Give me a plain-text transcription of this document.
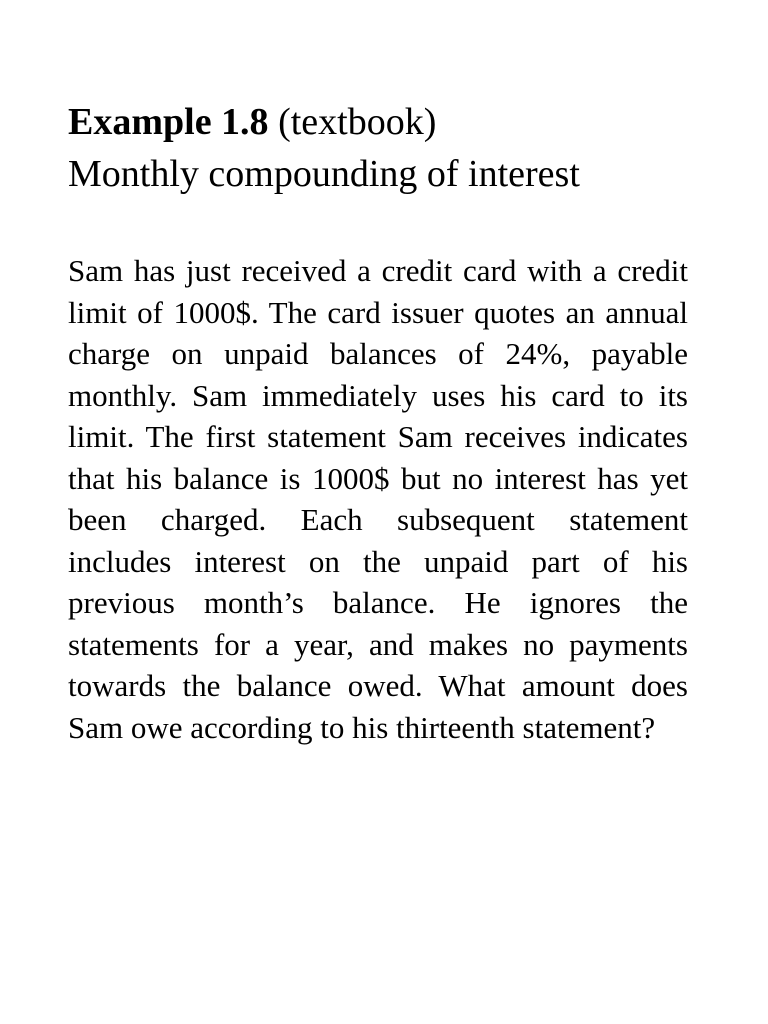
Example 1.8 (textbook)
Monthly compounding of interest

Sam has just received a credit card with a credit limit of 1000$. The card issuer quotes an annual charge on unpaid balances of 24%, payable monthly. Sam immediately uses his card to its limit. The first statement Sam receives indicates that his balance is 1000$ but no interest has yet been charged. Each subsequent statement includes interest on the unpaid part of his previous month’s balance. He ignores the statements for a year, and makes no payments towards the balance owed. What amount does Sam owe according to his thirteenth statement?
